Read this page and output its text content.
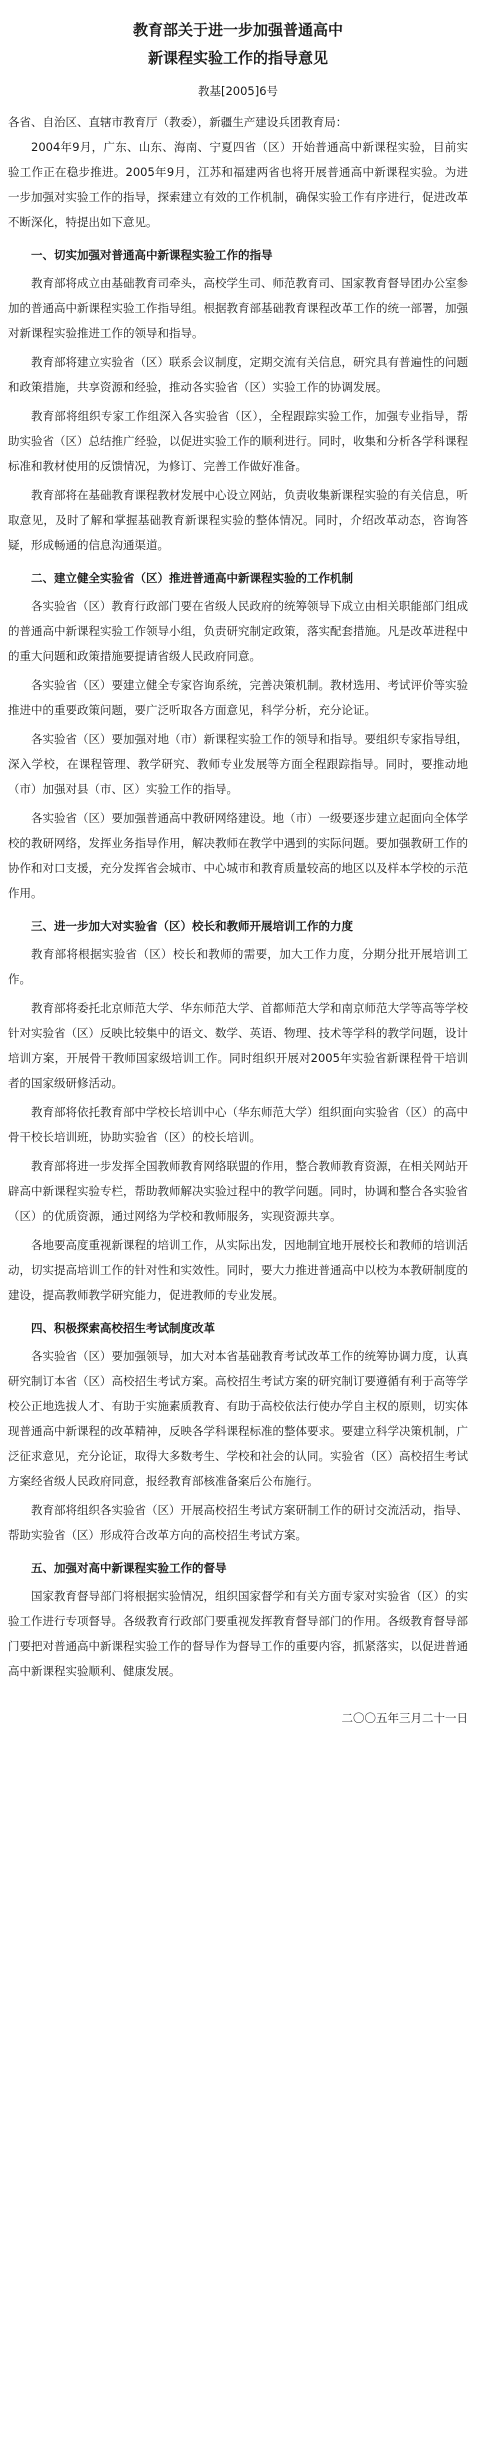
教育部关于进一步加强普通高中
新课程实验工作的指导意见
教基[2005]6号
各省、自治区、直辖市教育厅（教委），新疆生产建设兵团教育局：

2004年9月，广东、山东、海南、宁夏四省（区）开始普通高中新课程实验，目前实验工作正在稳步推进。2005年9月，江苏和福建两省也将开展普通高中新课程实验。为进一步加强对实验工作的指导，探索建立有效的工作机制，确保实验工作有序进行，促进改革不断深化，特提出如下意见。

一、切实加强对普通高中新课程实验工作的指导

教育部将成立由基础教育司牵头，高校学生司、师范教育司、国家教育督导团办公室参加的普通高中新课程实验工作指导组。根据教育部基础教育课程改革工作的统一部署，加强对新课程实验推进工作的领导和指导。

教育部将建立实验省（区）联系会议制度，定期交流有关信息，研究具有普遍性的问题和政策措施，共享资源和经验，推动各实验省（区）实验工作的协调发展。

教育部将组织专家工作组深入各实验省（区），全程跟踪实验工作，加强专业指导，帮助实验省（区）总结推广经验，以促进实验工作的顺利进行。同时，收集和分析各学科课程标准和教材使用的反馈情况，为修订、完善工作做好准备。

教育部将在基础教育课程教材发展中心设立网站，负责收集新课程实验的有关信息，听取意见，及时了解和掌握基础教育新课程实验的整体情况。同时，介绍改革动态，咨询答疑，形成畅通的信息沟通渠道。

二、建立健全实验省（区）推进普通高中新课程实验的工作机制

各实验省（区）教育行政部门要在省级人民政府的统筹领导下成立由相关职能部门组成的普通高中新课程实验工作领导小组，负责研究制定政策，落实配套措施。凡是改革进程中的重大问题和政策措施要提请省级人民政府同意。

各实验省（区）要建立健全专家咨询系统，完善决策机制。教材选用、考试评价等实验推进中的重要政策问题，要广泛听取各方面意见，科学分析，充分论证。

各实验省（区）要加强对地（市）新课程实验工作的领导和指导。要组织专家指导组，深入学校，在课程管理、教学研究、教师专业发展等方面全程跟踪指导。同时，要推动地（市）加强对县（市、区）实验工作的指导。

各实验省（区）要加强普通高中教研网络建设。地（市）一级要逐步建立起面向全体学校的教研网络，发挥业务指导作用，解决教师在教学中遇到的实际问题。要加强教研工作的协作和对口支援，充分发挥省会城市、中心城市和教育质量较高的地区以及样本学校的示范作用。

三、进一步加大对实验省（区）校长和教师开展培训工作的力度

教育部将根据实验省（区）校长和教师的需要，加大工作力度，分期分批开展培训工作。

教育部将委托北京师范大学、华东师范大学、首都师范大学和南京师范大学等高等学校针对实验省（区）反映比较集中的语文、数学、英语、物理、技术等学科的教学问题，设计培训方案，开展骨干教师国家级培训工作。同时组织开展对2005年实验省新课程骨干培训者的国家级研修活动。

教育部将依托教育部中学校长培训中心（华东师范大学）组织面向实验省（区）的高中骨干校长培训班，协助实验省（区）的校长培训。

教育部将进一步发挥全国教师教育网络联盟的作用，整合教师教育资源，在相关网站开辟高中新课程实验专栏，帮助教师解决实验过程中的教学问题。同时，协调和整合各实验省（区）的优质资源，通过网络为学校和教师服务，实现资源共享。

各地要高度重视新课程的培训工作，从实际出发，因地制宜地开展校长和教师的培训活动，切实提高培训工作的针对性和实效性。同时，要大力推进普通高中以校为本教研制度的建设，提高教师教学研究能力，促进教师的专业发展。

四、积极探索高校招生考试制度改革

各实验省（区）要加强领导，加大对本省基础教育考试改革工作的统筹协调力度，认真研究制订本省（区）高校招生考试方案。高校招生考试方案的研究制订要遵循有利于高等学校公正地选拔人才、有助于实施素质教育、有助于高校依法行使办学自主权的原则，切实体现普通高中新课程的改革精神，反映各学科课程标准的整体要求。要建立科学决策机制，广泛征求意见，充分论证，取得大多数考生、学校和社会的认同。实验省（区）高校招生考试方案经省级人民政府同意，报经教育部核准备案后公布施行。

教育部将组织各实验省（区）开展高校招生考试方案研制工作的研讨交流活动，指导、帮助实验省（区）形成符合改革方向的高校招生考试方案。

五、加强对高中新课程实验工作的督导

国家教育督导部门将根据实验情况，组织国家督学和有关方面专家对实验省（区）的实验工作进行专项督导。各级教育行政部门要重视发挥教育督导部门的作用。各级教育督导部门要把对普通高中新课程实验工作的督导作为督导工作的重要内容，抓紧落实，以促进普通高中新课程实验顺利、健康发展。

二〇〇五年三月二十一日
